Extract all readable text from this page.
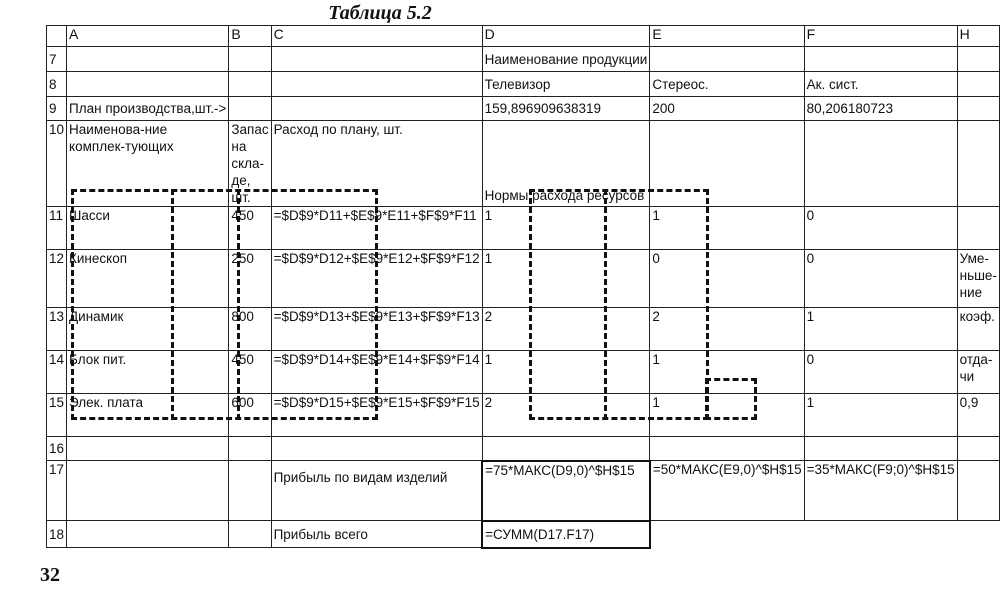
Таблица 5.2
	A	B	C	D	E	F	H
7				Наименование продукции			
8				Телевизор	Стереос.	Ак. сист.	
9	План производства,шт.->			159,896909638319	200	80,206180723	
10	Наименова-ние комплек-тующих	Запас на скла-де, шт.	Расход по плану, шт.	Нормы расхода ресурсов			
11	Шасси	450	=$D$9*D11+$E$9*E11+$F$9*F11	1	1	0	
12	Кинескоп	250	=$D$9*D12+$E$9*E12+$F$9*F12	1	0	0	Уме-ньше-ние
13	Динамик	800	=$D$9*D13+$E$9*E13+$F$9*F13	2	2	1	коэф.
14	Блок пит.	450	=$D$9*D14+$E$9*E14+$F$9*F14	1	1	0	отда-чи
15	Элек. плата	600	=$D$9*D15+$E$9*E15+$F$9*F15	2	1	1	0,9
16							
17			Прибыль по видам изделий	=75*МАКС(D9,0)^$H$15	=50*МАКС(E9,0)^$H$15	=35*МАКС(F9;0)^$H$15	
18			Прибыль всего	=СУММ(D17.F17)			
32
